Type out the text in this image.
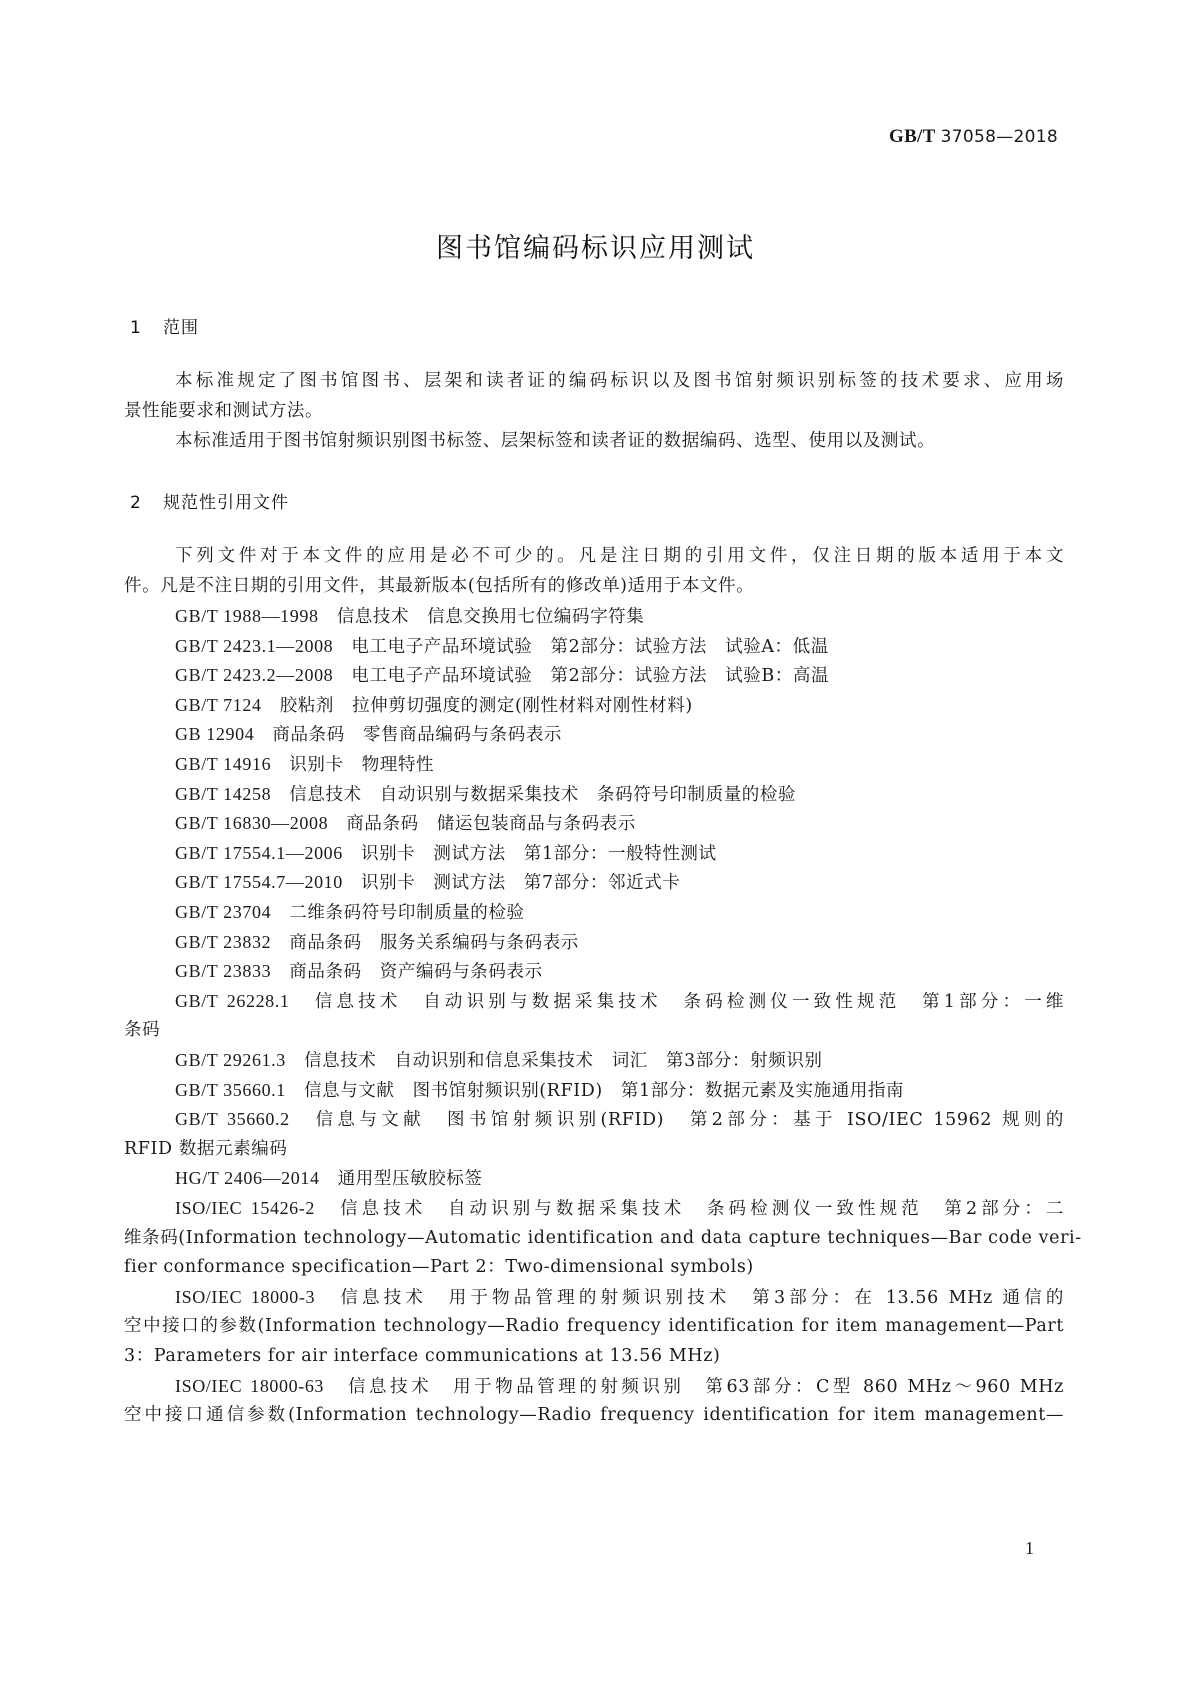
GB/T 37058—2018
图书馆编码标识应用测试
1 范围
本标准规定了图书馆图书、层架和读者证的编码标识以及图书馆射频识别标签的技术要求、应用场
景性能要求和测试方法。
本标准适用于图书馆射频识别图书标签、层架标签和读者证的数据编码、选型、使用以及测试。
2 规范性引用文件
下列文件对于本文件的应用是必不可少的。凡是注日期的引用文件，仅注日期的版本适用于本文
件。凡是不注日期的引用文件，其最新版本(包括所有的修改单)适用于本文件。
GB/T 1988—1998　 信息技术　信息交换用七位编码字符集
GB/T 2423.1—2008　 电工电子产品环境试验　第2部分：试验方法　试验A：低温
GB/T 2423.2—2008　 电工电子产品环境试验　第2部分：试验方法　试验B：高温
GB/T 7124　 胶粘剂　拉伸剪切强度的测定(刚性材料对刚性材料)
GB 12904　 商品条码　零售商品编码与条码表示
GB/T 14916　 识别卡　物理特性
GB/T 14258　 信息技术　自动识别与数据采集技术　条码符号印制质量的检验
GB/T 16830—2008　 商品条码　储运包装商品与条码表示
GB/T 17554.1—2006　 识别卡　测试方法　第1部分：一般特性测试
GB/T 17554.7—2010　 识别卡　测试方法　第7部分：邻近式卡
GB/T 23704　 二维条码符号印制质量的检验
GB/T 23832　 商品条码　服务关系编码与条码表示
GB/T 23833　 商品条码　资产编码与条码表示
GB/T 26228.1　 信息技术　自动识别与数据采集技术　条码检测仪一致性规范　第1部分：一维
条码
GB/T 29261.3　 信息技术　自动识别和信息采集技术　词汇　第3部分：射频识别
GB/T 35660.1　 信息与文献　图书馆射频识别(RFID)　第1部分：数据元素及实施通用指南
GB/T 35660.2　 信息与文献　图书馆射频识别(RFID)　第2部分：基于 ISO/IEC 15962 规则的
RFID 数据元素编码
HG/T 2406—2014　 通用型压敏胶标签
ISO/IEC 15426-2　 信息技术　自动识别与数据采集技术　条码检测仪一致性规范　第2部分：二
维条码(Information technology—Automatic identification and data capture techniques—Bar code veri-
fier conformance specification—Part 2：Two-dimensional symbols)
ISO/IEC 18000-3　 信息技术　用于物品管理的射频识别技术　第3部分：在 13.56 MHz 通信的
空中接口的参数(Information technology—Radio frequency identification for item management—Part
3：Parameters for air interface communications at 13.56 MHz)
ISO/IEC 18000-63　 信息技术　用于物品管理的射频识别　第63部分：C型 860 MHz～960 MHz
空中接口通信参数(Information technology—Radio frequency identification for item management—
1
